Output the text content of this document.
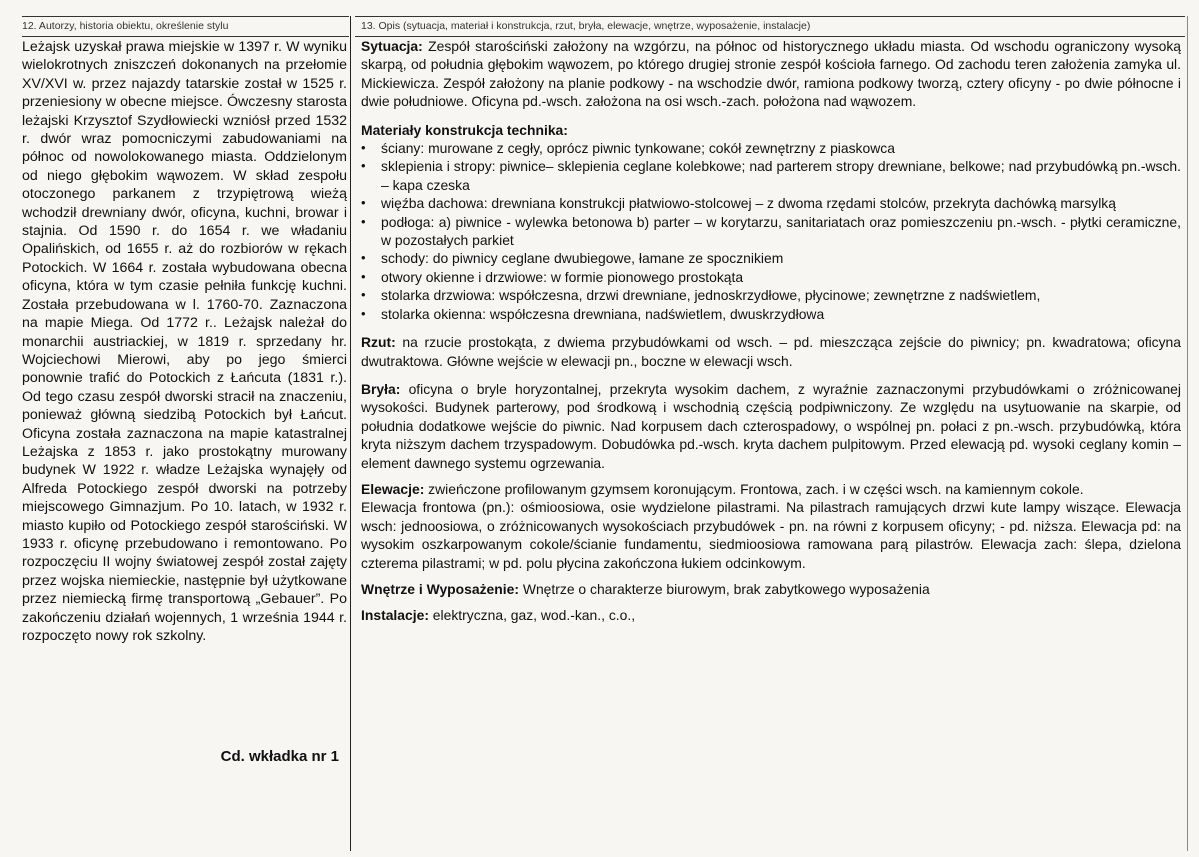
12. Autorzy, historia obiektu, określenie stylu
Leżajsk uzyskał prawa miejskie w 1397 r. W wyniku wielokrotnych zniszczeń dokonanych na przełomie XV/XVI w. przez najazdy tatarskie został w 1525 r. przeniesiony w obecne miejsce. Ówczesny starosta leżajski Krzysztof Szydłowiecki wzniósł przed 1532 r. dwór wraz pomocniczymi zabudowaniami na północ od nowolokowanego miasta. Oddzielonym od niego głębokim wąwozem. W skład zespołu otoczonego parkanem z trzypiętrową wieżą wchodził drewniany dwór, oficyna, kuchni, browar i stajnia. Od 1590 r. do 1654 r. we władaniu Opalińskich, od 1655 r. aż do rozbiorów w rękach Potockich. W 1664 r. została wybudowana obecna oficyna, która w tym czasie pełniła funkcję kuchni. Została przebudowana w l. 1760-70. Zaznaczona na mapie Miega. Od 1772 r.. Leżajsk należał do monarchii austriackiej, w 1819 r. sprzedany hr. Wojciechowi Mierowi, aby po jego śmierci ponownie trafić do Potockich z Łańcuta (1831 r.). Od tego czasu zespół dworski stracił na znaczeniu, ponieważ główną siedzibą Potockich był Łańcut. Oficyna została zaznaczona na mapie katastralnej Leżajska z 1853 r. jako prostokątny murowany budynek W 1922 r. władze Leżajska wynajęły od Alfreda Potockiego zespół dworski na potrzeby miejscowego Gimnazjum. Po 10. latach, w 1932 r. miasto kupiło od Potockiego zespół starościński. W 1933 r. oficynę przebudowano i remontowano. Po rozpoczęciu II wojny światowej zespół został zajęty przez wojska niemieckie, następnie był użytkowane przez niemiecką firmę transportową „Gebauer”. Po zakończeniu działań wojennych, 1 września 1944 r. rozpoczęto nowy rok szkolny.
Cd. wkładka nr 1
13. Opis (sytuacja, materiał i konstrukcja, rzut, bryła, elewacje, wnętrze, wyposażenie, instalacje)

Sytuacja: Zespół starościński założony na wzgórzu, na północ od historycznego układu miasta. Od wschodu ograniczony wysoką skarpą, od południa głębokim wąwozem, po którego drugiej stronie zespół kościoła farnego. Od zachodu teren założenia zamyka ul. Mickiewicza. Zespół założony na planie podkowy - na wschodzie dwór, ramiona podkowy tworzą, cztery oficyny - po dwie północne i dwie południowe. Oficyna pd.-wsch. założona na osi wsch.-zach. położona nad wąwozem.

Materiały konstrukcja technika:

• ściany: murowane z cegły, oprócz piwnic tynkowane; cokół zewnętrzny z piaskowca
• sklepienia i stropy: piwnice– sklepienia ceglane kolebkowe; nad parterem stropy drewniane, belkowe; nad przybudówką pn.-wsch. – kapa czeska
• więźba dachowa: drewniana konstrukcji płatwiowo-stolcowej – z dwoma rzędami stolców, przekryta dachówką marsylką
• podłoga: a) piwnice - wylewka betonowa b) parter – w korytarzu, sanitariatach oraz pomieszczeniu pn.-wsch. - płytki ceramiczne, w pozostałych parkiet
• schody: do piwnicy ceglane dwubiegowe, łamane ze spocznikiem
• otwory okienne i drzwiowe: w formie pionowego prostokąta
• stolarka drzwiowa: współczesna, drzwi drewniane, jednoskrzydłowe, płycinowe; zewnętrzne z nadświetlem,
• stolarka okienna: współczesna drewniana, nadświetlem, dwuskrzydłowa

Rzut: na rzucie prostokąta, z dwiema przybudówkami od wsch. – pd. mieszcząca zejście do piwnicy; pn. kwadratowa; oficyna dwutraktowa. Główne wejście w elewacji pn., boczne w elewacji wsch.

Bryła: oficyna o bryle horyzontalnej, przekryta wysokim dachem, z wyraźnie zaznaczonymi przybudówkami o zróżnicowanej wysokości. Budynek parterowy, pod środkową i wschodnią częścią podpiwniczony. Ze względu na usytuowanie na skarpie, od południa dodatkowe wejście do piwnic. Nad korpusem dach czterospadowy, o wspólnej pn. połaci z pn.-wsch. przybudówką, która kryta niższym dachem trzyspadowym. Dobudówka pd.-wsch. kryta dachem pulpitowym. Przed elewacją pd. wysoki ceglany komin – element dawnego systemu ogrzewania.

Elewacje: zwieńczone profilowanym gzymsem koronującym. Frontowa, zach. i w części wsch. na kamiennym cokole.

Elewacja frontowa (pn.): ośmioosiowa, osie wydzielone pilastrami. Na pilastrach ramujących drzwi kute lampy wiszące. Elewacja wsch: jednoosiowa, o zróżnicowanych wysokościach przybudówek - pn. na równi z korpusem oficyny; - pd. niższa. Elewacja pd: na wysokim oszkarpowanym cokole/ścianie fundamentu, siedmioosiowa ramowana parą pilastrów. Elewacja zach: ślepa, dzielona czterema pilastrami; w pd. polu płycina zakończona łukiem odcinkowym.

Wnętrze i Wyposażenie: Wnętrze o charakterze biurowym, brak zabytkowego wyposażenia

Instalacje: elektryczna, gaz, wod.-kan., c.o.,
